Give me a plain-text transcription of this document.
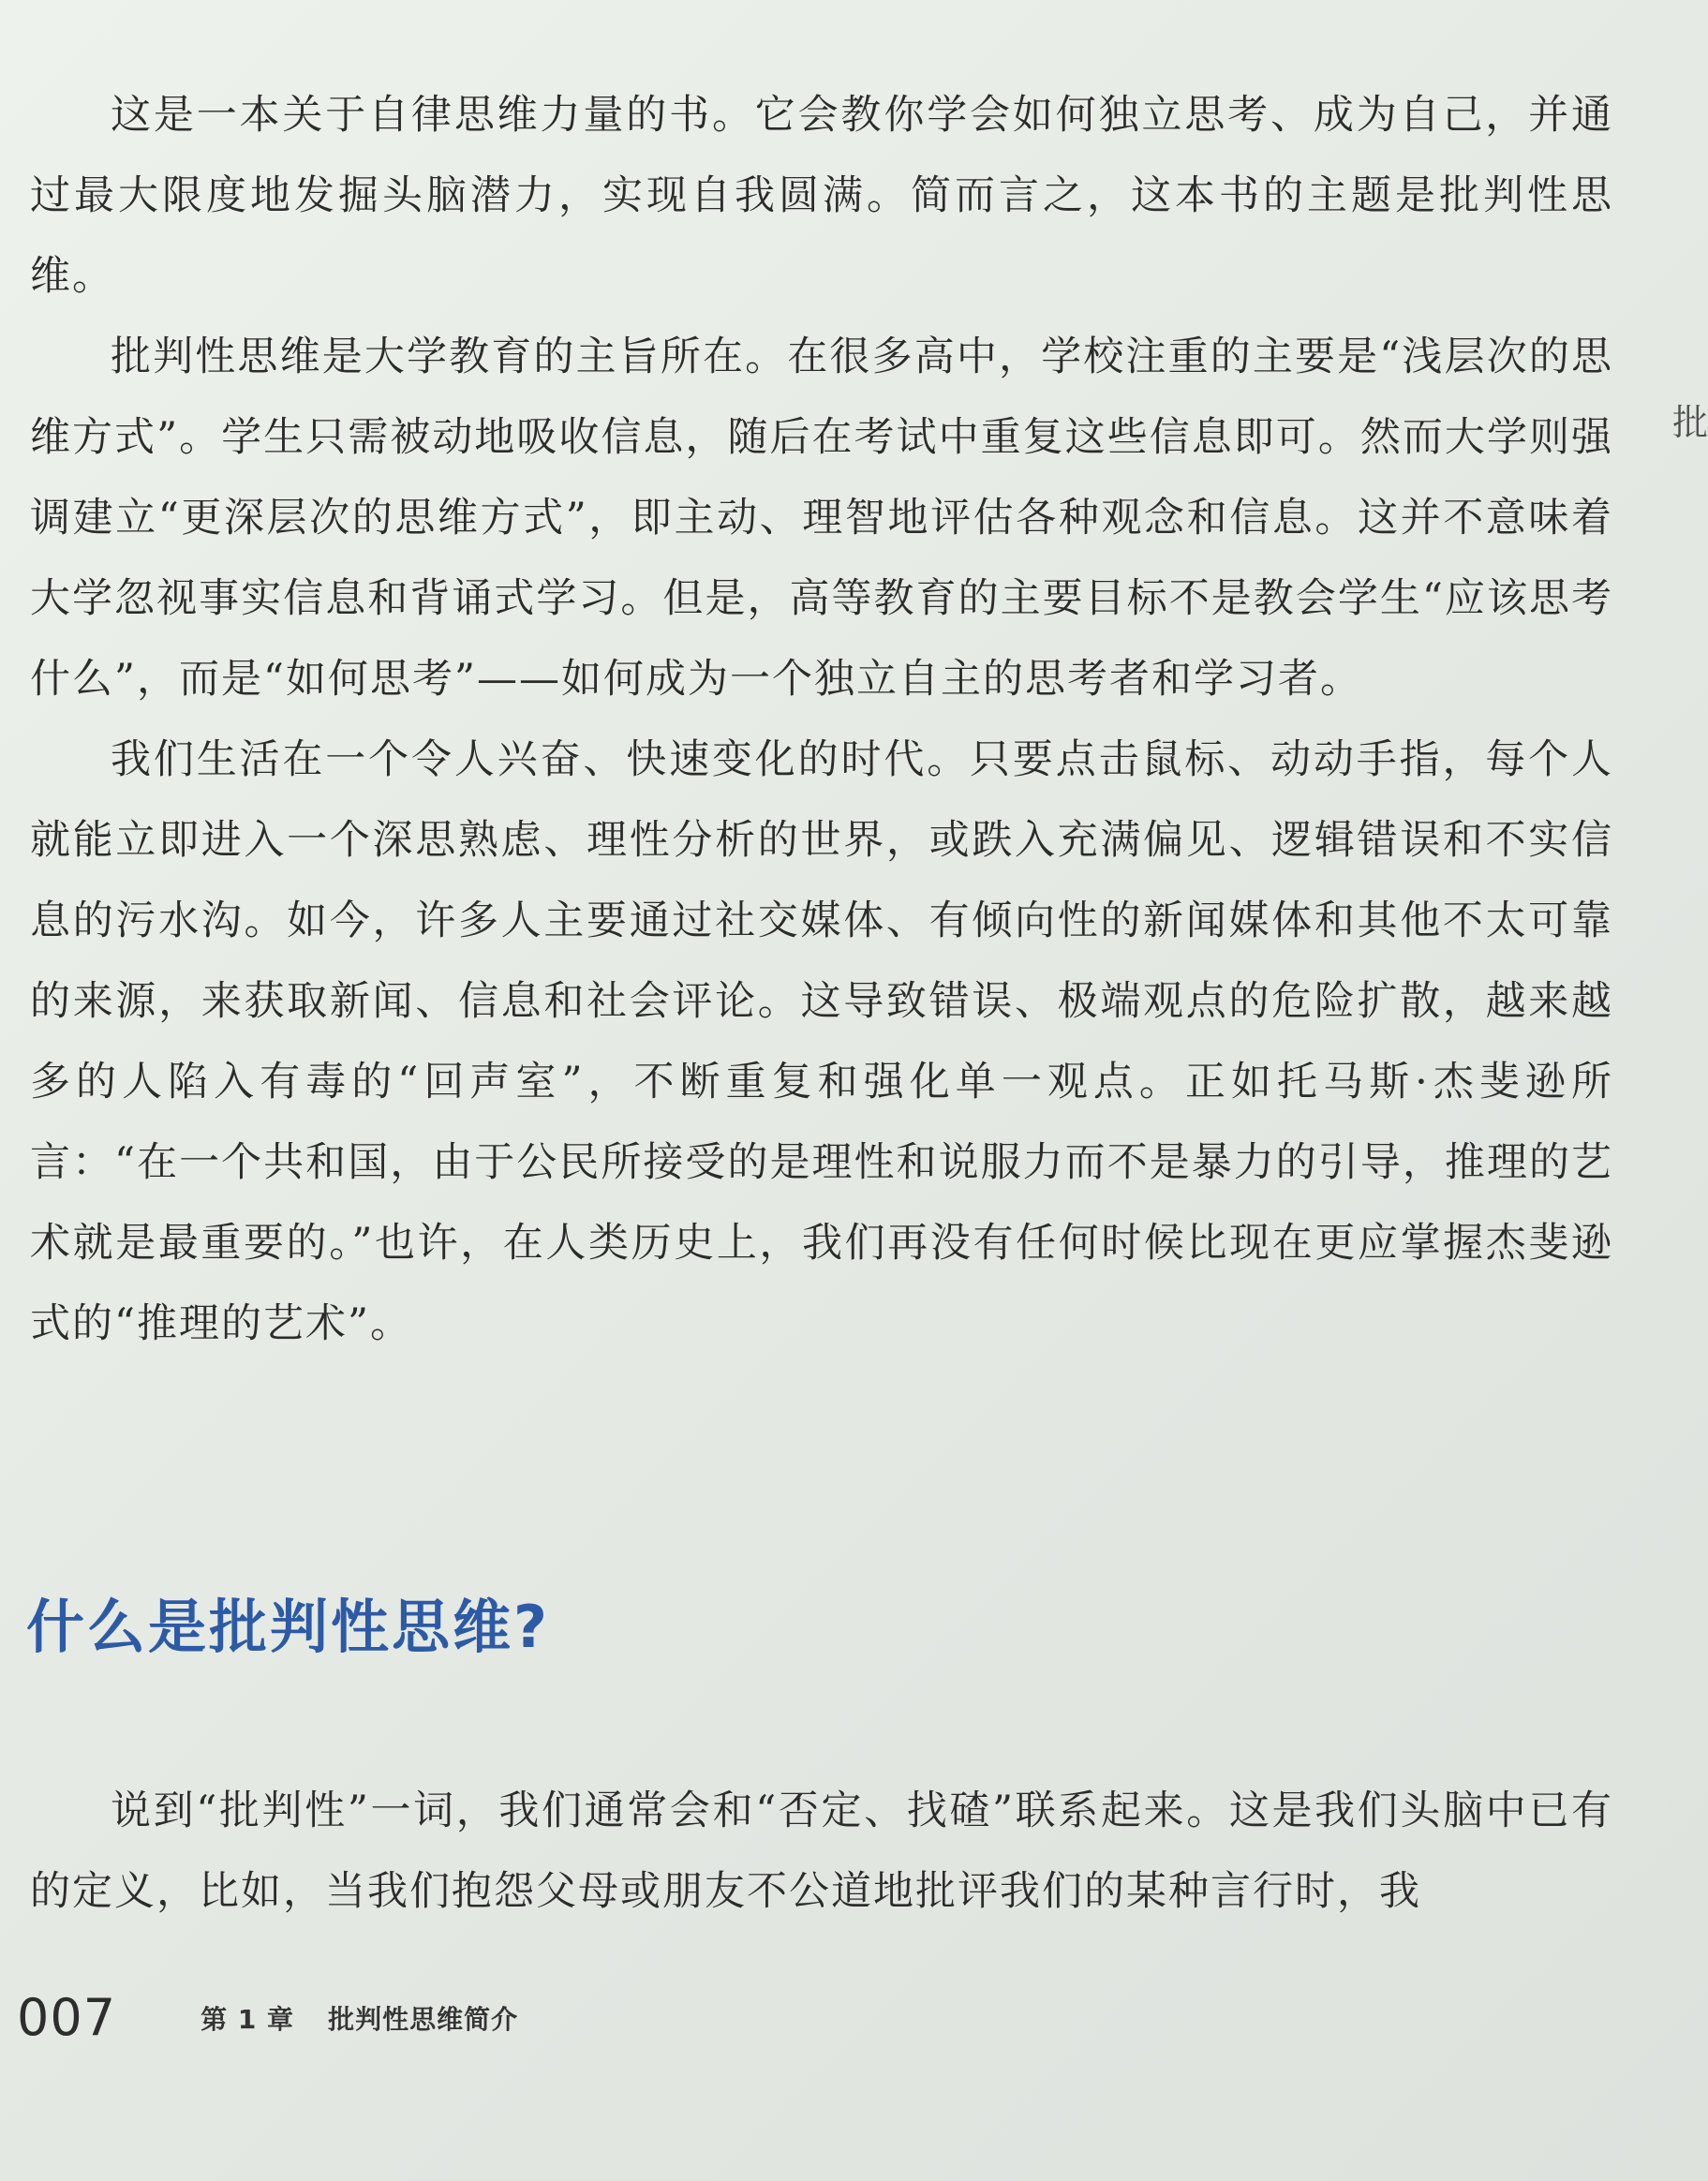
批

这是一本关于自律思维力量的书。它会教你学会如何独立思考、成为自己，并通过最大限度地发掘头脑潜力，实现自我圆满。简而言之，这本书的主题是批判性思维。

批判性思维是大学教育的主旨所在。在很多高中，学校注重的主要是“浅层次的思维方式”。学生只需被动地吸收信息，随后在考试中重复这些信息即可。然而大学则强调建立“更深层次的思维方式”，即主动、理智地评估各种观念和信息。这并不意味着大学忽视事实信息和背诵式学习。但是，高等教育的主要目标不是教会学生“应该思考什么”，而是“如何思考”——如何成为一个独立自主的思考者和学习者。

我们生活在一个令人兴奋、快速变化的时代。只要点击鼠标、动动手指，每个人就能立即进入一个深思熟虑、理性分析的世界，或跌入充满偏见、逻辑错误和不实信息的污水沟。如今，许多人主要通过社交媒体、有倾向性的新闻媒体和其他不太可靠的来源，来获取新闻、信息和社会评论。这导致错误、极端观点的危险扩散，越来越多的人陷入有毒的“回声室”，不断重复和强化单一观点。正如托马斯·杰斐逊所言：“在一个共和国，由于公民所接受的是理性和说服力而不是暴力的引导，推理的艺术就是最重要的。”也许，在人类历史上，我们再没有任何时候比现在更应掌握杰斐逊式的“推理的艺术”。

什么是批判性思维?

说到“批判性”一词，我们通常会和“否定、找碴”联系起来。这是我们头脑中已有的定义，比如，当我们抱怨父母或朋友不公道地批评我们的某种言行时，我

007	第 1 章 批判性思维简介
